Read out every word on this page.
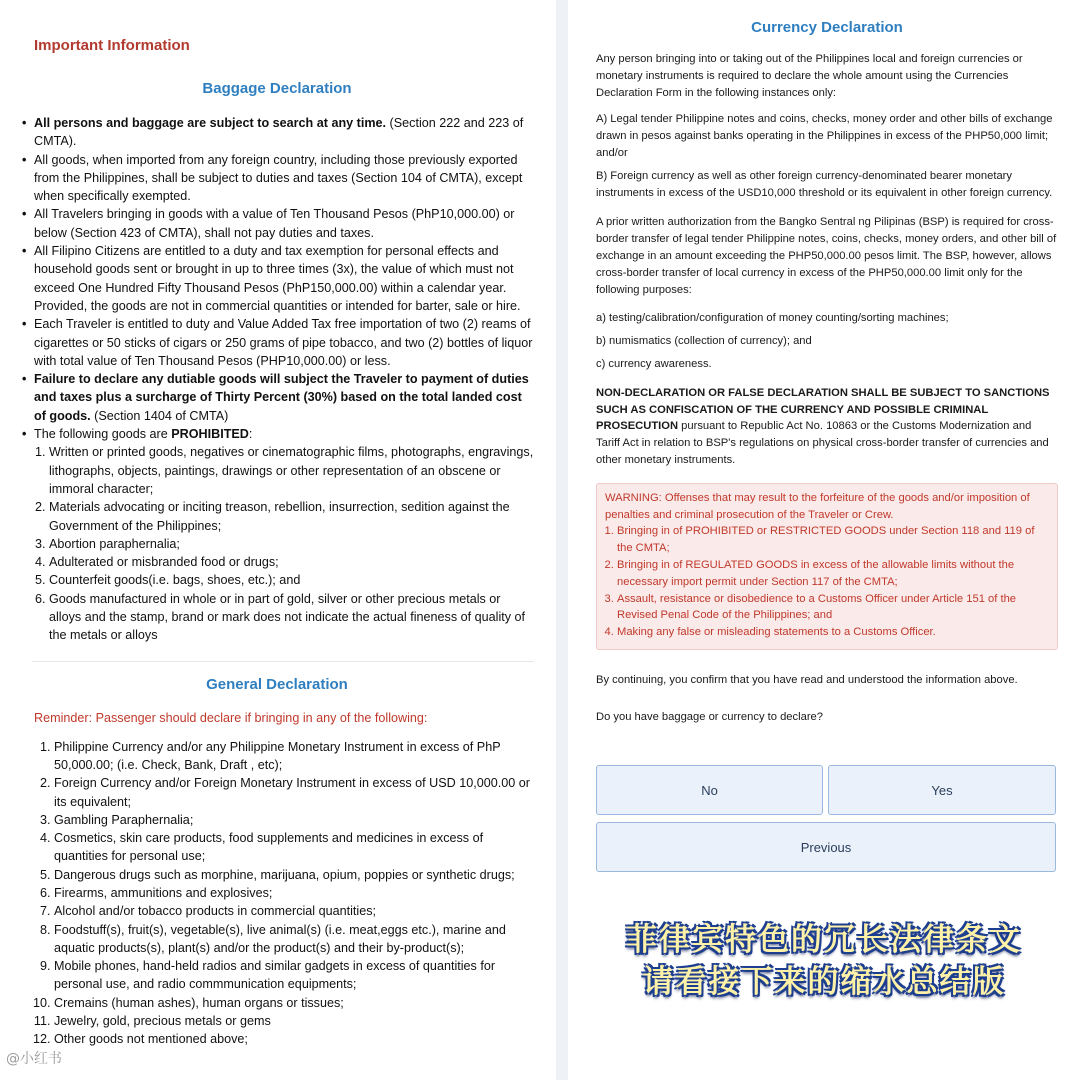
Important Information
Baggage Declaration
• All persons and baggage are subject to search at any time. (Section 222 and 223 of CMTA).
• All goods, when imported from any foreign country, including those previously exported from the Philippines, shall be subject to duties and taxes (Section 104 of CMTA), except when specifically exempted.
• All Travelers bringing in goods with a value of Ten Thousand Pesos (PhP10,000.00) or below (Section 423 of CMTA), shall not pay duties and taxes.
• All Filipino Citizens are entitled to a duty and tax exemption for personal effects and household goods sent or brought in up to three times (3x), the value of which must not exceed One Hundred Fifty Thousand Pesos (PhP150,000.00) within a calendar year. Provided, the goods are not in commercial quantities or intended for barter, sale or hire.
• Each Traveler is entitled to duty and Value Added Tax free importation of two (2) reams of cigarettes or 50 sticks of cigars or 250 grams of pipe tobacco, and two (2) bottles of liquor with total value of Ten Thousand Pesos (PHP10,000.00) or less.
• Failure to declare any dutiable goods will subject the Traveler to payment of duties and taxes plus a surcharge of Thirty Percent (30%) based on the total landed cost of goods. (Section 1404 of CMTA)
• The following goods are PROHIBITED:
1. Written or printed goods, negatives or cinematographic films, photographs, engravings, lithographs, objects, paintings, drawings or other representation of an obscene or immoral character;
2. Materials advocating or inciting treason, rebellion, insurrection, sedition against the Government of the Philippines;
3. Abortion paraphernalia;
4. Adulterated or misbranded food or drugs;
5. Counterfeit goods(i.e. bags, shoes, etc.); and
6. Goods manufactured in whole or in part of gold, silver or other precious metals or alloys and the stamp, brand or mark does not indicate the actual fineness of quality of the metals or alloys
General Declaration
Reminder: Passenger should declare if bringing in any of the following:
1. Philippine Currency and/or any Philippine Monetary Instrument in excess of PhP 50,000.00; (i.e. Check, Bank, Draft , etc);
2. Foreign Currency and/or Foreign Monetary Instrument in excess of USD 10,000.00 or its equivalent;
3. Gambling Paraphernalia;
4. Cosmetics, skin care products, food supplements and medicines in excess of quantities for personal use;
5. Dangerous drugs such as morphine, marijuana, opium, poppies or synthetic drugs;
6. Firearms, ammunitions and explosives;
7. Alcohol and/or tobacco products in commercial quantities;
8. Foodstuff(s), fruit(s), vegetable(s), live animal(s) (i.e. meat,eggs etc.), marine and aquatic products(s), plant(s) and/or the product(s) and their by-product(s);
9. Mobile phones, hand-held radios and similar gadgets in excess of quantities for personal use, and radio commmunication equipments;
10. Cremains (human ashes), human organs or tissues;
11. Jewelry, gold, precious metals or gems
12. Other goods not mentioned above;
Currency Declaration

Any person bringing into or taking out of the Philippines local and foreign currencies or monetary instruments is required to declare the whole amount using the Currencies Declaration Form in the following instances only:

A) Legal tender Philippine notes and coins, checks, money order and other bills of exchange drawn in pesos against banks operating in the Philippines in excess of the PHP50,000 limit; and/or

B) Foreign currency as well as other foreign currency-denominated bearer monetary instruments in excess of the USD10,000 threshold or its equivalent in other foreign currency.

A prior written authorization from the Bangko Sentral ng Pilipinas (BSP) is required for cross-border transfer of legal tender Philippine notes, coins, checks, money orders, and other bill of exchange in an amount exceeding the PHP50,000.00 pesos limit. The BSP, however, allows cross-border transfer of local currency in excess of the PHP50,000.00 limit only for the following purposes:

a) testing/calibration/configuration of money counting/sorting machines;

b) numismatics (collection of currency); and

c) currency awareness.

NON-DECLARATION OR FALSE DECLARATION SHALL BE SUBJECT TO SANCTIONS SUCH AS CONFISCATION OF THE CURRENCY AND POSSIBLE CRIMINAL PROSECUTION pursuant to Republic Act No. 10863 or the Customs Modernization and Tariff Act in relation to BSP's regulations on physical cross-border transfer of currencies and other monetary instruments.

WARNING: Offenses that may result to the forfeiture of the goods and/or imposition of penalties and criminal prosecution of the Traveler or Crew.
1. Bringing in of PROHIBITED or RESTRICTED GOODS under Section 118 and 119 of the CMTA;
2. Bringing in of REGULATED GOODS in excess of the allowable limits without the necessary import permit under Section 117 of the CMTA;
3. Assault, resistance or disobedience to a Customs Officer under Article 151 of the Revised Penal Code of the Philippines; and
4. Making any false or misleading statements to a Customs Officer.

By continuing, you confirm that you have read and understood the information above.

Do you have baggage or currency to declare?

No	Yes
Previous
菲律宾特色的冗长法律条文
请看接下来的缩水总结版
@小红书
